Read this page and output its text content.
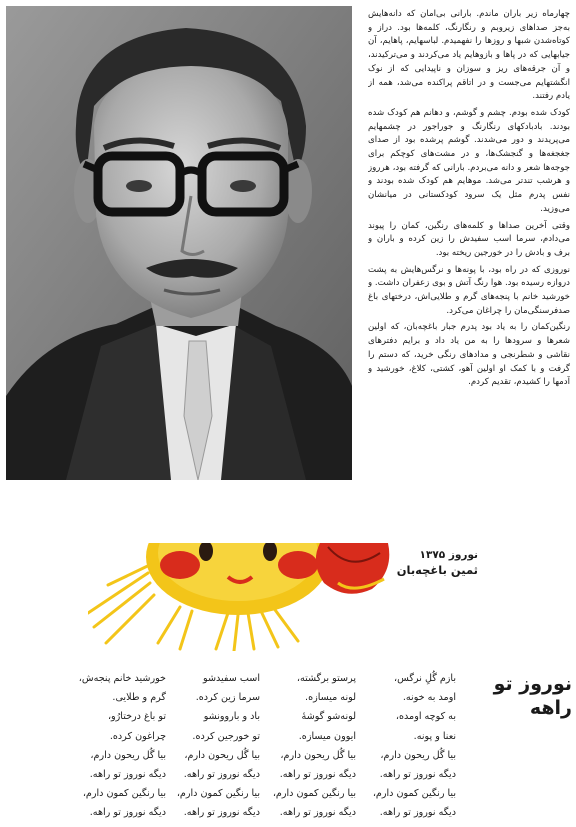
چهارماه زیر باران ماندم. بارانی بی‌امان که دانه‌هایش به‌جز صداهای زیروبم و رنگارنگ، کلمه‌ها بود. دراز و کوتاه‌شدن شبها و روزها را نفهمیدم. لباسهایم، پاهایم، آن جیابهایی که در پاها و بازوهایم یاد می‌کردند و می‌ترکیدند، و آن جرقه‌های ریز و سوزان و ناپیدایی که از نوک انگشتهایم می‌جست و در اتاقم پراکنده می‌شد، همه از یادم رفتند.

کودک شده بودم. چشم و گوشم، و دهانم هم کودک شده بودند. بادبادکهای رنگارنگ و جوراجور در چشمهایم می‌پریدند و دور می‌شدند. گوشم پرشده بود از صدای جغجغه‌ها و گنجشک‌ها، و در مشت‌های کوچکم برای جوجه‌ها شعر و دانه می‌بردم. بارانی که گرفته بود، هرروز و هرشب تندتر می‌شد. موهایم هم کودک شده بودند و نفس پدرم مثل یک سرود کودکستانی در میانشان می‌وزید.

وقتی آخرین صداها و کلمه‌های رنگین، کمان را پیوند می‌دادم، سرما اسب سفیدش را زین کرده و باران و برف و بادش را در خورجین ریخته بود.

نوروزی که در راه بود، با پونه‌ها و نرگس‌هایش به پشت دروازه رسیده بود. هوا رنگ آتش و بوی زعفران داشت. و خورشید خانم با پنجه‌های گرم و طلایی‌اش، درختهای باغ صدفرسنگی‌مان را چراغان می‌کرد.

رنگین‌کمان را به یاد بود پدرم جبار باغچه‌بان، که اولین شعرها و سرودها را به من یاد داد و برایم دفترهای نقاشی و شطرنجی و مدادهای رنگی خرید، که دستم را گرفت و با کمک او اولین آهو، کشتی، کلاغ، خورشید و آدمها را کشیدم، تقدیم کردم.

نوروز ۱۳۷۵
ثمین باغچه‌بان
نوروز تو راهه
بازم گُلِ نرگس،
اومد به خونه.
به کوچه اومده،
نعنا و پونه.
بیا گُل ریحون دارم،
دیگه نوروز تو راهه.
بیا رنگین کمون دارم،
دیگه نوروز تو راهه.
پرستو برگشته،
لونه میسازه.
لونه‌شو گوشهٔ
ایوون میسازه.
بیا گُل ریحون دارم،
دیگه نوروز تو راهه.
بیا رنگین کمون دارم،
دیگه نوروز تو راهه.
اسب سفیدشو
سرما زین کرده.
باد و باروونشو
تو خورجین کرده.
بیا گُل ریحون دارم،
دیگه نوروز تو راهه.
بیا رنگین کمون دارم،
دیگه نوروز تو راهه.
خورشید خانم پنجه‌ش،
گرم و طلایی.
تو باغ درختارُو،
چراغون کرده.
بیا گُل ریحون دارم،
دیگه نوروز تو راهه.
بیا رنگین کمون دارم،
دیگه نوروز تو راهه.
